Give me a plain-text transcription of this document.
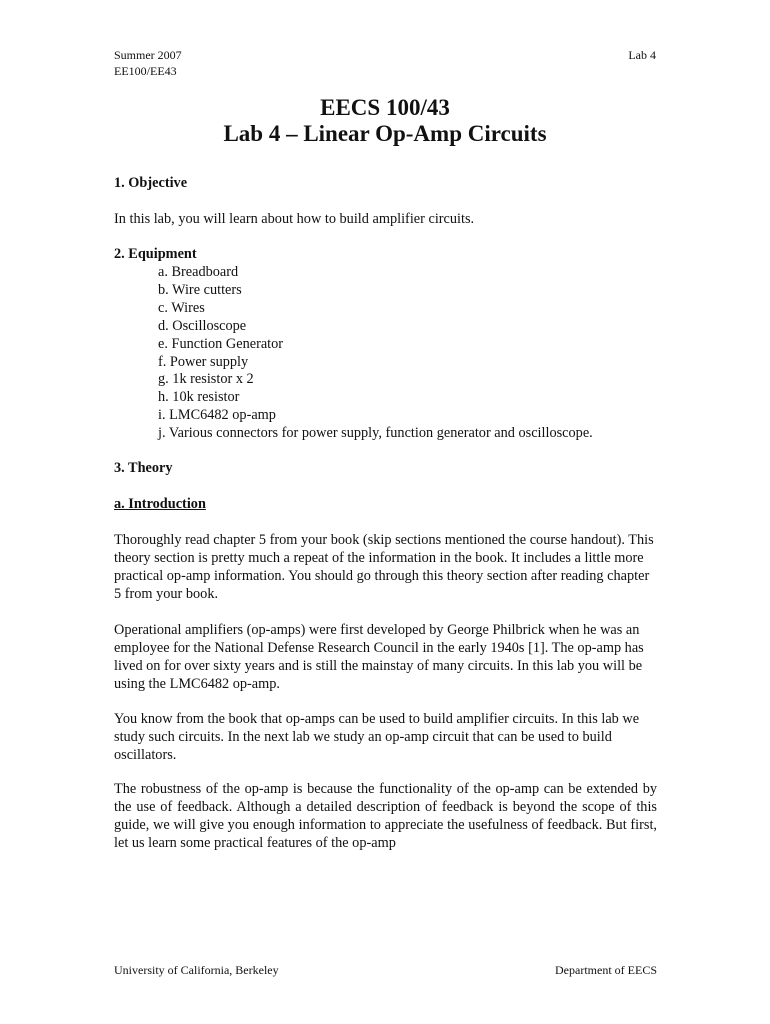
Summer 2007
EE100/EE43
Lab 4
EECS 100/43
Lab 4 – Linear Op-Amp Circuits
1. Objective
In this lab, you will learn about how to build amplifier circuits.
2. Equipment
a. Breadboard
b. Wire cutters
c. Wires
d. Oscilloscope
e. Function Generator
f. Power supply
g. 1k resistor x 2
h. 10k resistor
i. LMC6482 op-amp
j. Various connectors for power supply, function generator and oscilloscope.
3. Theory
a. Introduction
Thoroughly read chapter 5 from your book (skip sections mentioned the course handout). This theory section is pretty much a repeat of the information in the book. It includes a little more practical op-amp information. You should go through this theory section after reading chapter 5 from your book.
Operational amplifiers (op-amps) were first developed by George Philbrick when he was an employee for the National Defense Research Council in the early 1940s [1]. The op-amp has lived on for over sixty years and is still the mainstay of many circuits. In this lab you will be using the LMC6482 op-amp.
You know from the book that op-amps can be used to build amplifier circuits. In this lab we study such circuits. In the next lab we study an op-amp circuit that can be used to build oscillators.
The robustness of the op-amp is because the functionality of the op-amp can be extended by the use of feedback. Although a detailed description of feedback is beyond the scope of this guide, we will give you enough information to appreciate the usefulness of feedback. But first, let us learn some practical features of the op-amp
University of California, Berkeley	Department of EECS
